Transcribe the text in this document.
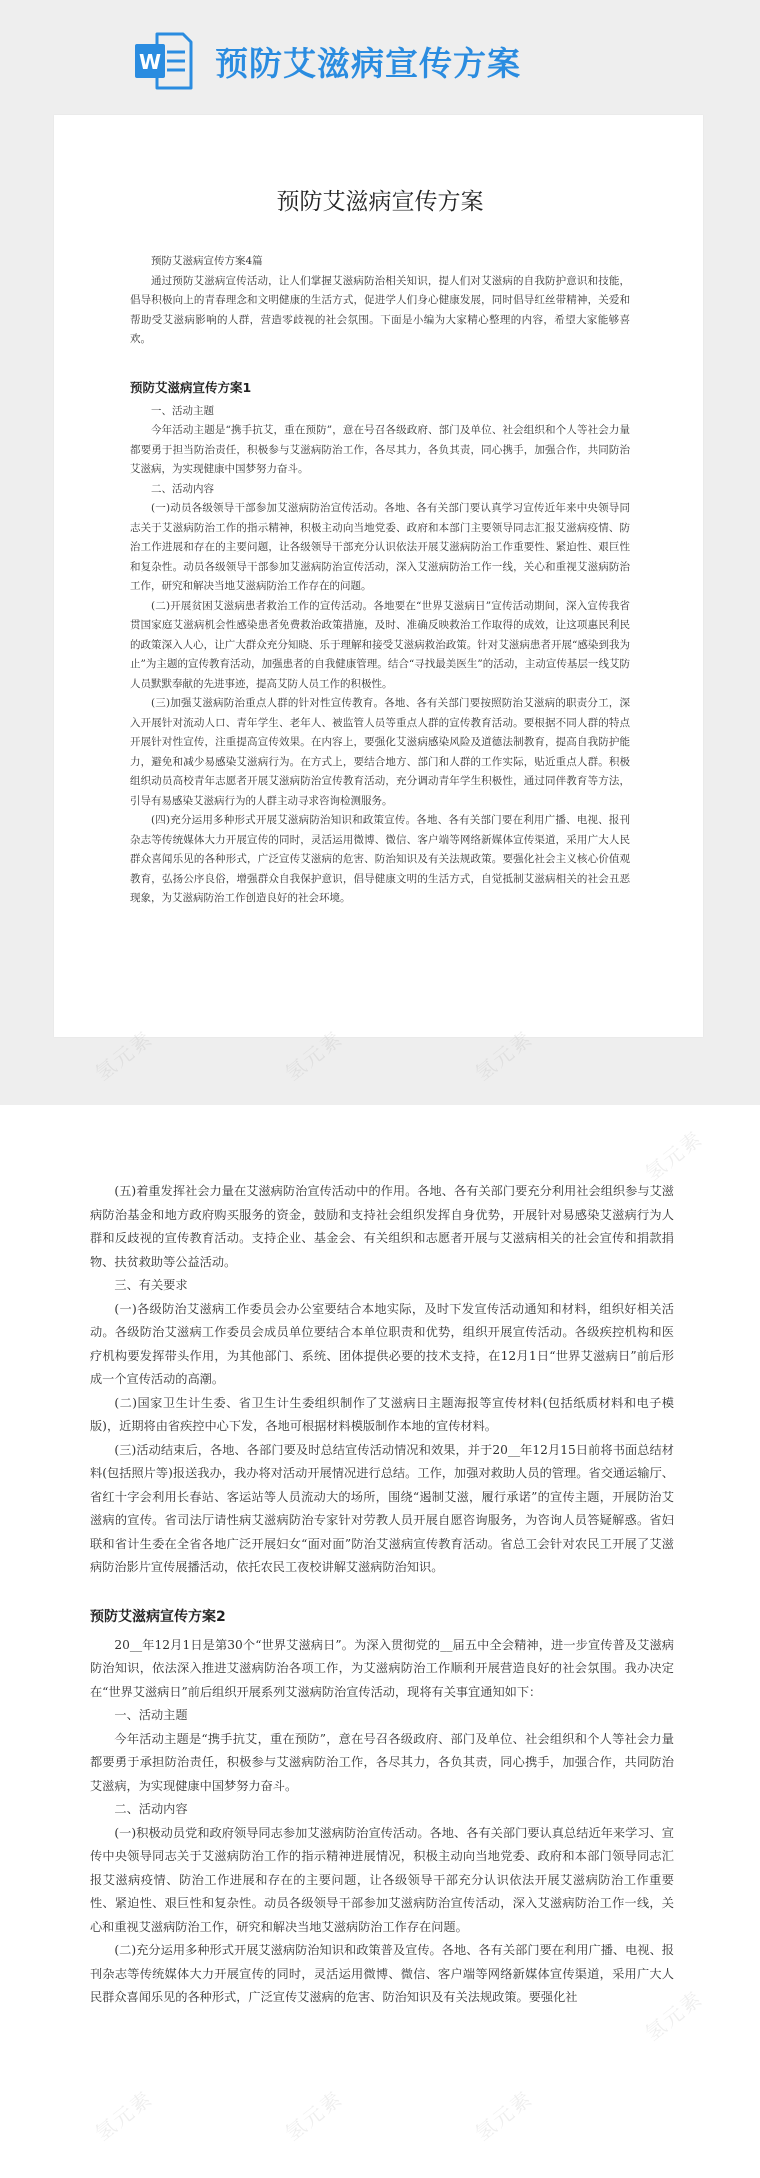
W 预防艾滋病宣传方案
预防艾滋病宣传方案

预防艾滋病宣传方案4篇

通过预防艾滋病宣传活动，让人们掌握艾滋病防治相关知识，提人们对艾滋病的自我防护意识和技能，倡导积极向上的青春理念和文明健康的生活方式，促进学人们身心健康发展，同时倡导红丝带精神，关爱和帮助受艾滋病影响的人群，营造零歧视的社会氛围。下面是小编为大家精心整理的内容，希望大家能够喜欢。

预防艾滋病宣传方案1

一、活动主题

今年活动主题是“携手抗艾，重在预防”，意在号召各级政府、部门及单位、社会组织和个人等社会力量都要勇于担当防治责任，积极参与艾滋病防治工作，各尽其力，各负其责，同心携手，加强合作，共同防治艾滋病，为实现健康中国梦努力奋斗。

二、活动内容

(一)动员各级领导干部参加艾滋病防治宣传活动。各地、各有关部门要认真学习宣传近年来中央领导同志关于艾滋病防治工作的指示精神，积极主动向当地党委、政府和本部门主要领导同志汇报艾滋病疫情、防治工作进展和存在的主要问题，让各级领导干部充分认识依法开展艾滋病防治工作重要性、紧迫性、艰巨性和复杂性。动员各级领导干部参加艾滋病防治宣传活动，深入艾滋病防治工作一线，关心和重视艾滋病防治工作，研究和解决当地艾滋病防治工作存在的问题。

(二)开展贫困艾滋病患者救治工作的宣传活动。各地要在“世界艾滋病日”宣传活动期间，深入宣传我省贯国家庭艾滋病机会性感染患者免费救治政策措施，及时、准确反映救治工作取得的成效，让这项惠民利民的政策深入人心，让广大群众充分知晓、乐于理解和接受艾滋病救治政策。针对艾滋病患者开展“感染到我为止”为主题的宣传教育活动，加强患者的自我健康管理。结合“寻找最美医生”的活动，主动宣传基层一线艾防人员默默奉献的先进事迹，提高艾防人员工作的积极性。

(三)加强艾滋病防治重点人群的针对性宣传教育。各地、各有关部门要按照防治艾滋病的职责分工，深入开展针对流动人口、青年学生、老年人、被监管人员等重点人群的宣传教育活动。要根据不同人群的特点开展针对性宣传，注重提高宣传效果。在内容上，要强化艾滋病感染风险及道德法制教育，提高自我防护能力，避免和减少易感染艾滋病行为。在方式上，要结合地方、部门和人群的工作实际，贴近重点人群。积极组织动员高校青年志愿者开展艾滋病防治宣传教育活动，充分调动青年学生积极性，通过同伴教育等方法，引导有易感染艾滋病行为的人群主动寻求咨询检测服务。

(四)充分运用多种形式开展艾滋病防治知识和政策宣传。各地、各有关部门要在利用广播、电视、报刊杂志等传统媒体大力开展宣传的同时，灵活运用微博、微信、客户端等网络新媒体宣传渠道，采用广大人民群众喜闻乐见的各种形式，广泛宣传艾滋病的危害、防治知识及有关法规政策。要强化社会主义核心价值观教育，弘扬公序良俗，增强群众自我保护意识，倡导健康文明的生活方式，自觉抵制艾滋病相关的社会丑恶现象，为艾滋病防治工作创造良好的社会环境。

(五)着重发挥社会力量在艾滋病防治宣传活动中的作用。各地、各有关部门要充分利用社会组织参与艾滋病防治基金和地方政府购买服务的资金，鼓励和支持社会组织发挥自身优势，开展针对易感染艾滋病行为人群和反歧视的宣传教育活动。支持企业、基金会、有关组织和志愿者开展与艾滋病相关的社会宣传和捐款捐物、扶贫救助等公益活动。

三、有关要求

(一)各级防治艾滋病工作委员会办公室要结合本地实际，及时下发宣传活动通知和材料，组织好相关活动。各级防治艾滋病工作委员会成员单位要结合本单位职责和优势，组织开展宣传活动。各级疾控机构和医疗机构要发挥带头作用，为其他部门、系统、团体提供必要的技术支持，在12月1日“世界艾滋病日”前后形成一个宣传活动的高潮。

(二)国家卫生计生委、省卫生计生委组织制作了艾滋病日主题海报等宣传材料(包括纸质材料和电子模版)，近期将由省疾控中心下发，各地可根据材料模版制作本地的宣传材料。

(三)活动结束后，各地、各部门要及时总结宣传活动情况和效果，并于20__年12月15日前将书面总结材料(包括照片等)报送我办，我办将对活动开展情况进行总结。工作，加强对救助人员的管理。省交通运输厅、省红十字会利用长春站、客运站等人员流动大的场所，围绕“遏制艾滋，履行承诺”的宣传主题，开展防治艾滋病的宣传。省司法厅请性病艾滋病防治专家针对劳教人员开展自愿咨询服务，为咨询人员答疑解惑。省妇联和省计生委在全省各地广泛开展妇女“面对面”防治艾滋病宣传教育活动。省总工会针对农民工开展了艾滋病防治影片宣传展播活动，依托农民工夜校讲解艾滋病防治知识。

预防艾滋病宣传方案2

20__年12月1日是第30个“世界艾滋病日”。为深入贯彻党的__届五中全会精神，进一步宣传普及艾滋病防治知识，依法深入推进艾滋病防治各项工作，为艾滋病防治工作顺利开展营造良好的社会氛围。我办决定在“世界艾滋病日”前后组织开展系列艾滋病防治宣传活动，现将有关事宜通知如下：

一、活动主题

今年活动主题是“携手抗艾，重在预防”，意在号召各级政府、部门及单位、社会组织和个人等社会力量都要勇于承担防治责任，积极参与艾滋病防治工作，各尽其力，各负其责，同心携手，加强合作，共同防治艾滋病，为实现健康中国梦努力奋斗。

二、活动内容

(一)积极动员党和政府领导同志参加艾滋病防治宣传活动。各地、各有关部门要认真总结近年来学习、宣传中央领导同志关于艾滋病防治工作的指示精神进展情况，积极主动向当地党委、政府和本部门领导同志汇报艾滋病疫情、防治工作进展和存在的主要问题，让各级领导干部充分认识依法开展艾滋病防治工作重要性、紧迫性、艰巨性和复杂性。动员各级领导干部参加艾滋病防治宣传活动，深入艾滋病防治工作一线，关心和重视艾滋病防治工作，研究和解决当地艾滋病防治工作存在问题。

(二)充分运用多种形式开展艾滋病防治知识和政策普及宣传。各地、各有关部门要在利用广播、电视、报刊杂志等传统媒体大力开展宣传的同时，灵活运用微博、微信、客户端等网络新媒体宣传渠道，采用广大人民群众喜闻乐见的各种形式，广泛宣传艾滋病的危害、防治知识及有关法规政策。要强化社

氢元素
氢元素	氢元素	氢元素
氢元素
